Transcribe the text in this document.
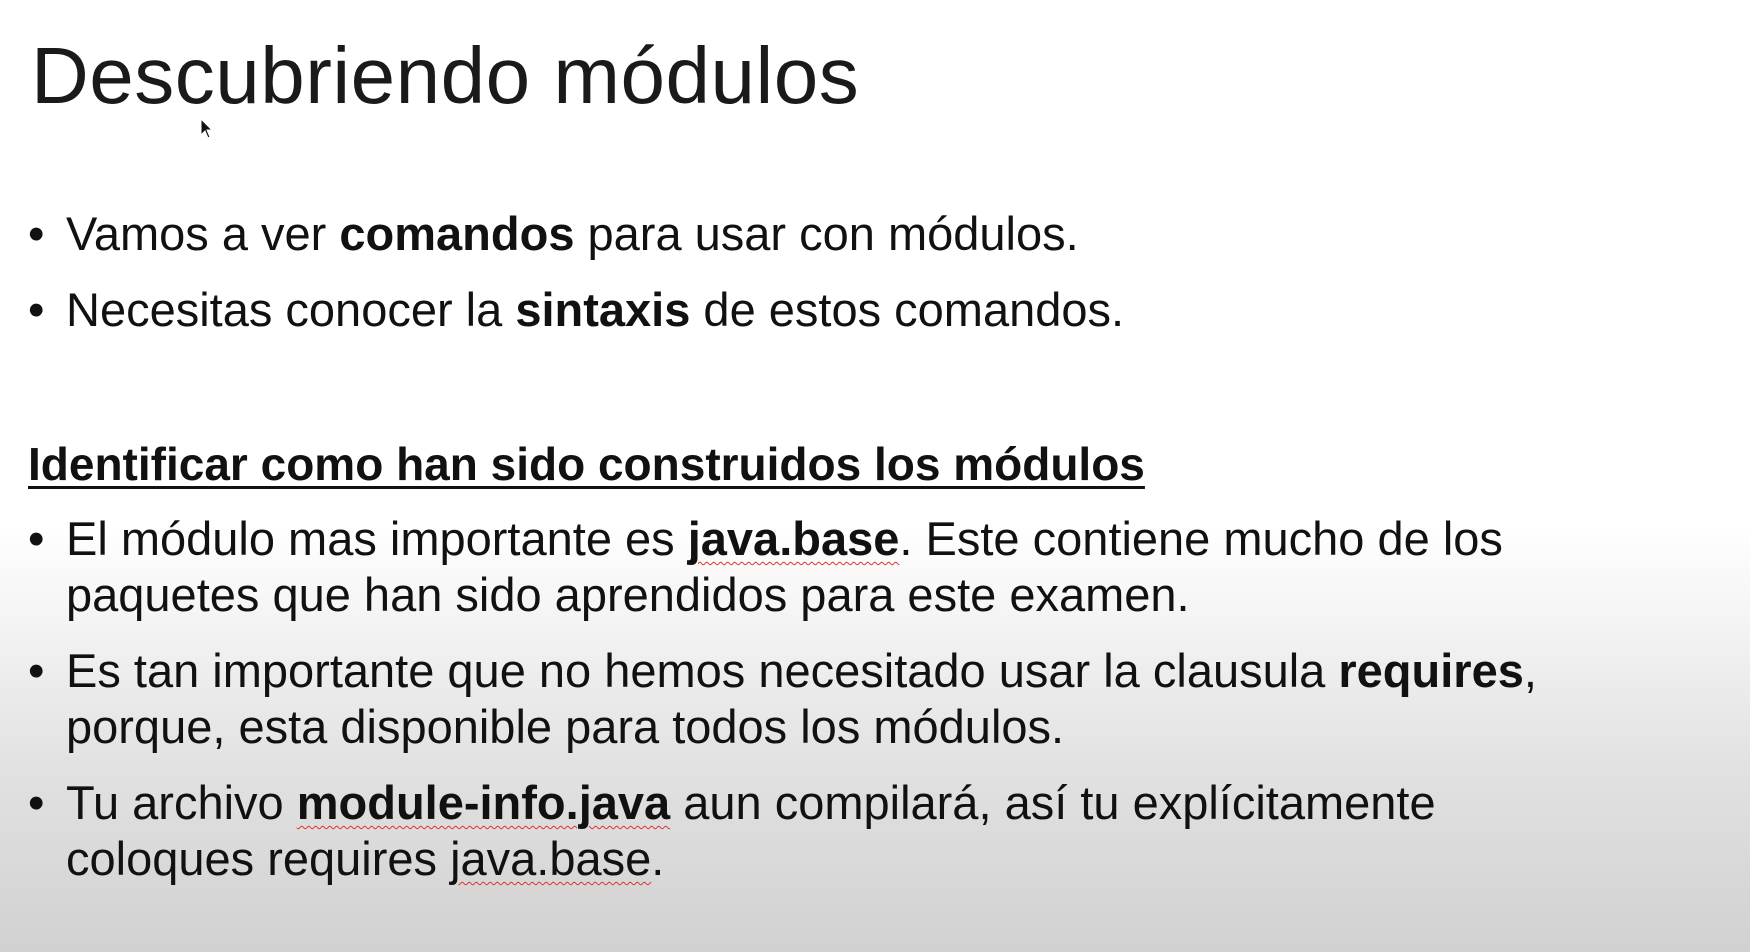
Descubriendo módulos
• Vamos a ver comandos para usar con módulos.
• Necesitas conocer la sintaxis de estos comandos.
Identificar como han sido construidos los módulos
• El módulo mas importante es java.base. Este contiene mucho de los
paquetes que han sido aprendidos para este examen.
• Es tan importante que no hemos necesitado usar la clausula requires,
porque, esta disponible para todos los módulos.
• Tu archivo module-info.java aun compilará, así tu explícitamente
coloques requires java.base.
